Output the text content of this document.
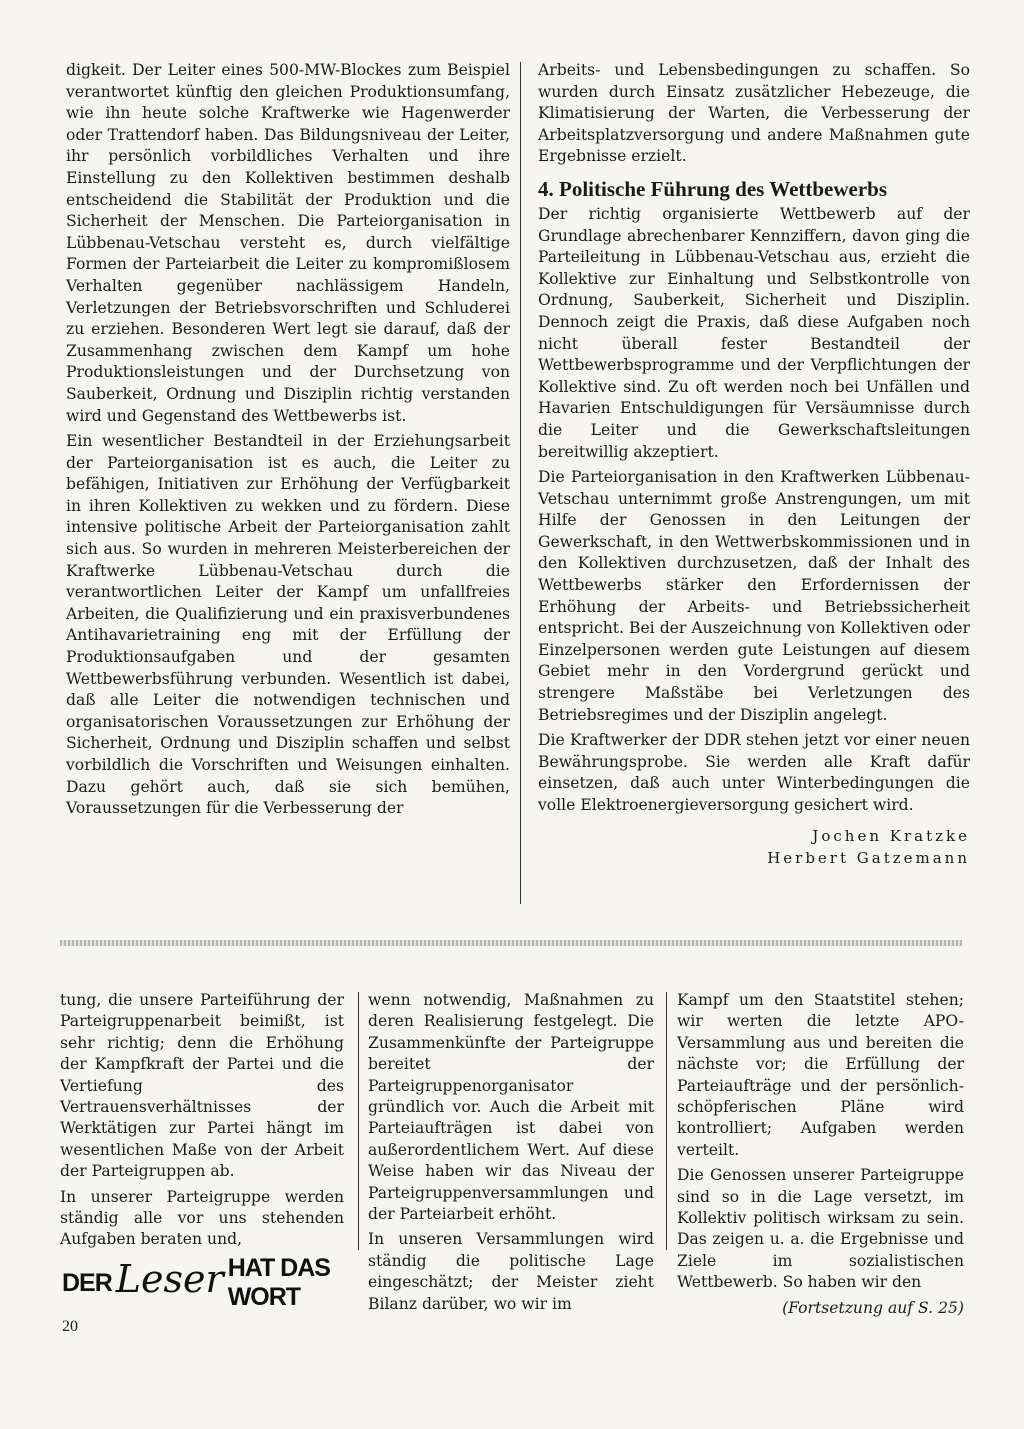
digkeit. Der Leiter eines 500-MW-Blockes zum Beispiel verantwortet künftig den gleichen Produktionsumfang, wie ihn heute solche Kraftwerke wie Hagenwerder oder Trattendorf haben. Das Bildungsniveau der Leiter, ihr persönlich vorbildliches Verhalten und ihre Einstellung zu den Kollektiven bestimmen deshalb entscheidend die Stabilität der Produktion und die Sicherheit der Menschen. Die Parteiorganisation in Lübbenau-Vetschau versteht es, durch vielfältige Formen der Parteiarbeit die Leiter zu kompromißlosem Verhalten gegenüber nachlässigem Handeln, Verletzungen der Betriebsvorschriften und Schluderei zu erziehen. Besonderen Wert legt sie darauf, daß der Zusammenhang zwischen dem Kampf um hohe Produktionsleistungen und der Durchsetzung von Sauberkeit, Ordnung und Disziplin richtig verstanden wird und Gegenstand des Wettbewerbs ist.

Ein wesentlicher Bestandteil in der Erziehungsarbeit der Parteiorganisation ist es auch, die Leiter zu befähigen, Initiativen zur Erhöhung der Verfügbarkeit in ihren Kollektiven zu wekken und zu fördern. Diese intensive politische Arbeit der Parteiorganisation zahlt sich aus. So wurden in mehreren Meisterbereichen der Kraftwerke Lübbenau-Vetschau durch die verantwortlichen Leiter der Kampf um unfallfreies Arbeiten, die Qualifizierung und ein praxisverbundenes Antihavarietraining eng mit der Erfüllung der Produktionsaufgaben und der gesamten Wettbewerbsführung verbunden. Wesentlich ist dabei, daß alle Leiter die notwendigen technischen und organisatorischen Voraussetzungen zur Erhöhung der Sicherheit, Ordnung und Disziplin schaffen und selbst vorbildlich die Vorschriften und Weisungen einhalten. Dazu gehört auch, daß sie sich bemühen, Voraussetzungen für die Verbesserung der

Arbeits- und Lebensbedingungen zu schaffen. So wurden durch Einsatz zusätzlicher Hebezeuge, die Klimatisierung der Warten, die Verbesserung der Arbeitsplatzversorgung und andere Maßnahmen gute Ergebnisse erzielt.

4. Politische Führung des Wettbewerbs

Der richtig organisierte Wettbewerb auf der Grundlage abrechenbarer Kennziffern, davon ging die Parteileitung in Lübbenau-Vetschau aus, erzieht die Kollektive zur Einhaltung und Selbstkontrolle von Ordnung, Sauberkeit, Sicherheit und Disziplin. Dennoch zeigt die Praxis, daß diese Aufgaben noch nicht überall fester Bestandteil der Wettbewerbsprogramme und der Verpflichtungen der Kollektive sind. Zu oft werden noch bei Unfällen und Havarien Entschuldigungen für Versäumnisse durch die Leiter und die Gewerkschaftsleitungen bereitwillig akzeptiert.

Die Parteiorganisation in den Kraftwerken Lübbenau-Vetschau unternimmt große Anstrengungen, um mit Hilfe der Genossen in den Leitungen der Gewerkschaft, in den Wettwerbskommissionen und in den Kollektiven durchzusetzen, daß der Inhalt des Wettbewerbs stärker den Erfordernissen der Erhöhung der Arbeits- und Betriebssicherheit entspricht. Bei der Auszeichnung von Kollektiven oder Einzelpersonen werden gute Leistungen auf diesem Gebiet mehr in den Vordergrund gerückt und strengere Maßstäbe bei Verletzungen des Betriebsregimes und der Disziplin angelegt.

Die Kraftwerker der DDR stehen jetzt vor einer neuen Bewährungsprobe. Sie werden alle Kraft dafür einsetzen, daß auch unter Winterbedingungen die volle Elektroenergieversorgung gesichert wird.

Jochen Kratzke

Herbert Gatzemann

tung, die unsere Parteiführung der Parteigruppenarbeit beimißt, ist sehr richtig; denn die Erhöhung der Kampfkraft der Partei und die Vertiefung des Vertrauensverhältnisses der Werktätigen zur Partei hängt im wesentlichen Maße von der Arbeit der Parteigruppen ab.

In unserer Parteigruppe werden ständig alle vor uns stehenden Aufgaben beraten und,

wenn notwendig, Maßnahmen zu deren Realisierung festgelegt. Die Zusammenkünfte der Parteigruppe bereitet der Parteigruppenorganisator gründlich vor. Auch die Arbeit mit Parteiaufträgen ist dabei von außerordentlichem Wert. Auf diese Weise haben wir das Niveau der Parteigruppenversammlungen und der Parteiarbeit erhöht.

In unseren Versammlungen wird ständig die politische Lage eingeschätzt; der Meister zieht Bilanz darüber, wo wir im

Kampf um den Staatstitel stehen; wir werten die letzte APO-Versammlung aus und bereiten die nächste vor; die Erfüllung der Parteiaufträge und der persönlich-schöpferischen Pläne wird kontrolliert; Aufgaben werden verteilt.

Die Genossen unserer Parteigruppe sind so in die Lage versetzt, im Kollektiv politisch wirksam zu sein. Das zeigen u. a. die Ergebnisse und Ziele im sozialistischen Wettbewerb. So haben wir den

(Fortsetzung auf S. 25)

DER Leser HAT DAS WORT
20
